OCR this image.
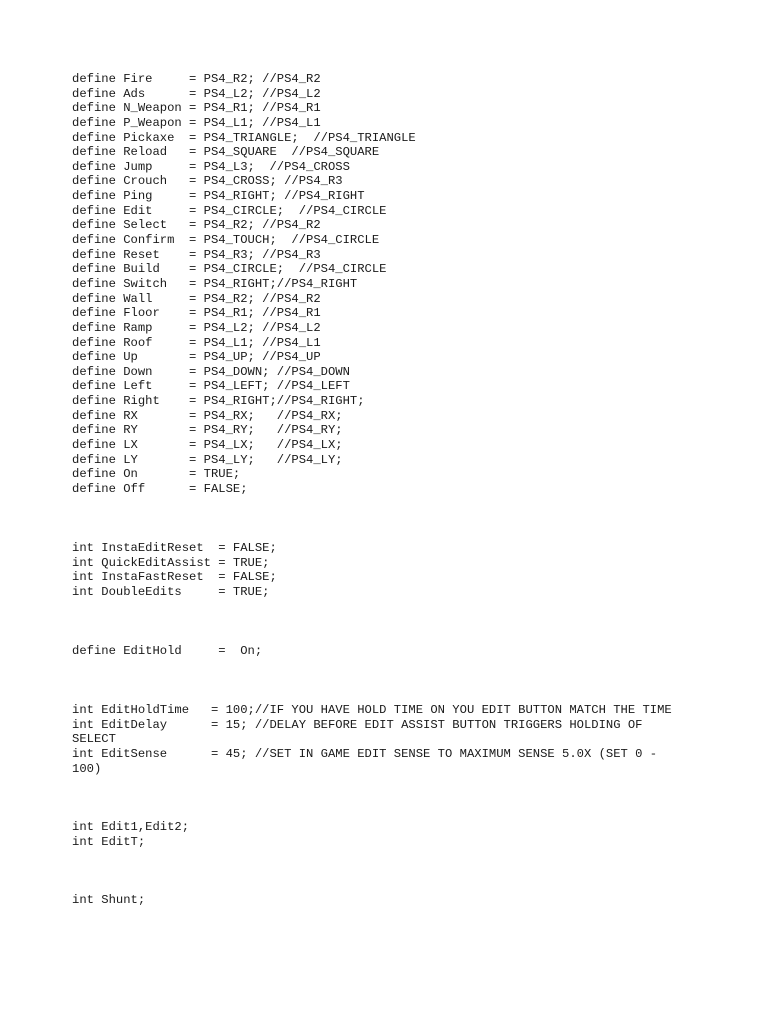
define Fire     = PS4_R2; //PS4_R2
define Ads      = PS4_L2; //PS4_L2
define N_Weapon = PS4_R1; //PS4_R1
define P_Weapon = PS4_L1; //PS4_L1
define Pickaxe  = PS4_TRIANGLE;  //PS4_TRIANGLE
define Reload   = PS4_SQUARE  //PS4_SQUARE
define Jump     = PS4_L3;  //PS4_CROSS
define Crouch   = PS4_CROSS; //PS4_R3
define Ping     = PS4_RIGHT; //PS4_RIGHT
define Edit     = PS4_CIRCLE;  //PS4_CIRCLE
define Select   = PS4_R2; //PS4_R2
define Confirm  = PS4_TOUCH;  //PS4_CIRCLE
define Reset    = PS4_R3; //PS4_R3
define Build    = PS4_CIRCLE;  //PS4_CIRCLE
define Switch   = PS4_RIGHT;//PS4_RIGHT
define Wall     = PS4_R2; //PS4_R2
define Floor    = PS4_R1; //PS4_R1
define Ramp     = PS4_L2; //PS4_L2
define Roof     = PS4_L1; //PS4_L1
define Up       = PS4_UP; //PS4_UP
define Down     = PS4_DOWN; //PS4_DOWN
define Left     = PS4_LEFT; //PS4_LEFT
define Right    = PS4_RIGHT;//PS4_RIGHT;
define RX       = PS4_RX;   //PS4_RX;
define RY       = PS4_RY;   //PS4_RY;
define LX       = PS4_LX;   //PS4_LX;
define LY       = PS4_LY;   //PS4_LY;
define On       = TRUE;
define Off      = FALSE;
int InstaEditReset  = FALSE;
int QuickEditAssist = TRUE;
int InstaFastReset  = FALSE;
int DoubleEdits     = TRUE;
define EditHold     =  On;
int EditHoldTime   = 100;//IF YOU HAVE HOLD TIME ON YOU EDIT BUTTON MATCH THE TIME
int EditDelay      = 15; //DELAY BEFORE EDIT ASSIST BUTTON TRIGGERS HOLDING OF
SELECT
int EditSense      = 45; //SET IN GAME EDIT SENSE TO MAXIMUM SENSE 5.0X (SET 0 -
100)
int Edit1,Edit2;
int EditT;
int Shunt;
